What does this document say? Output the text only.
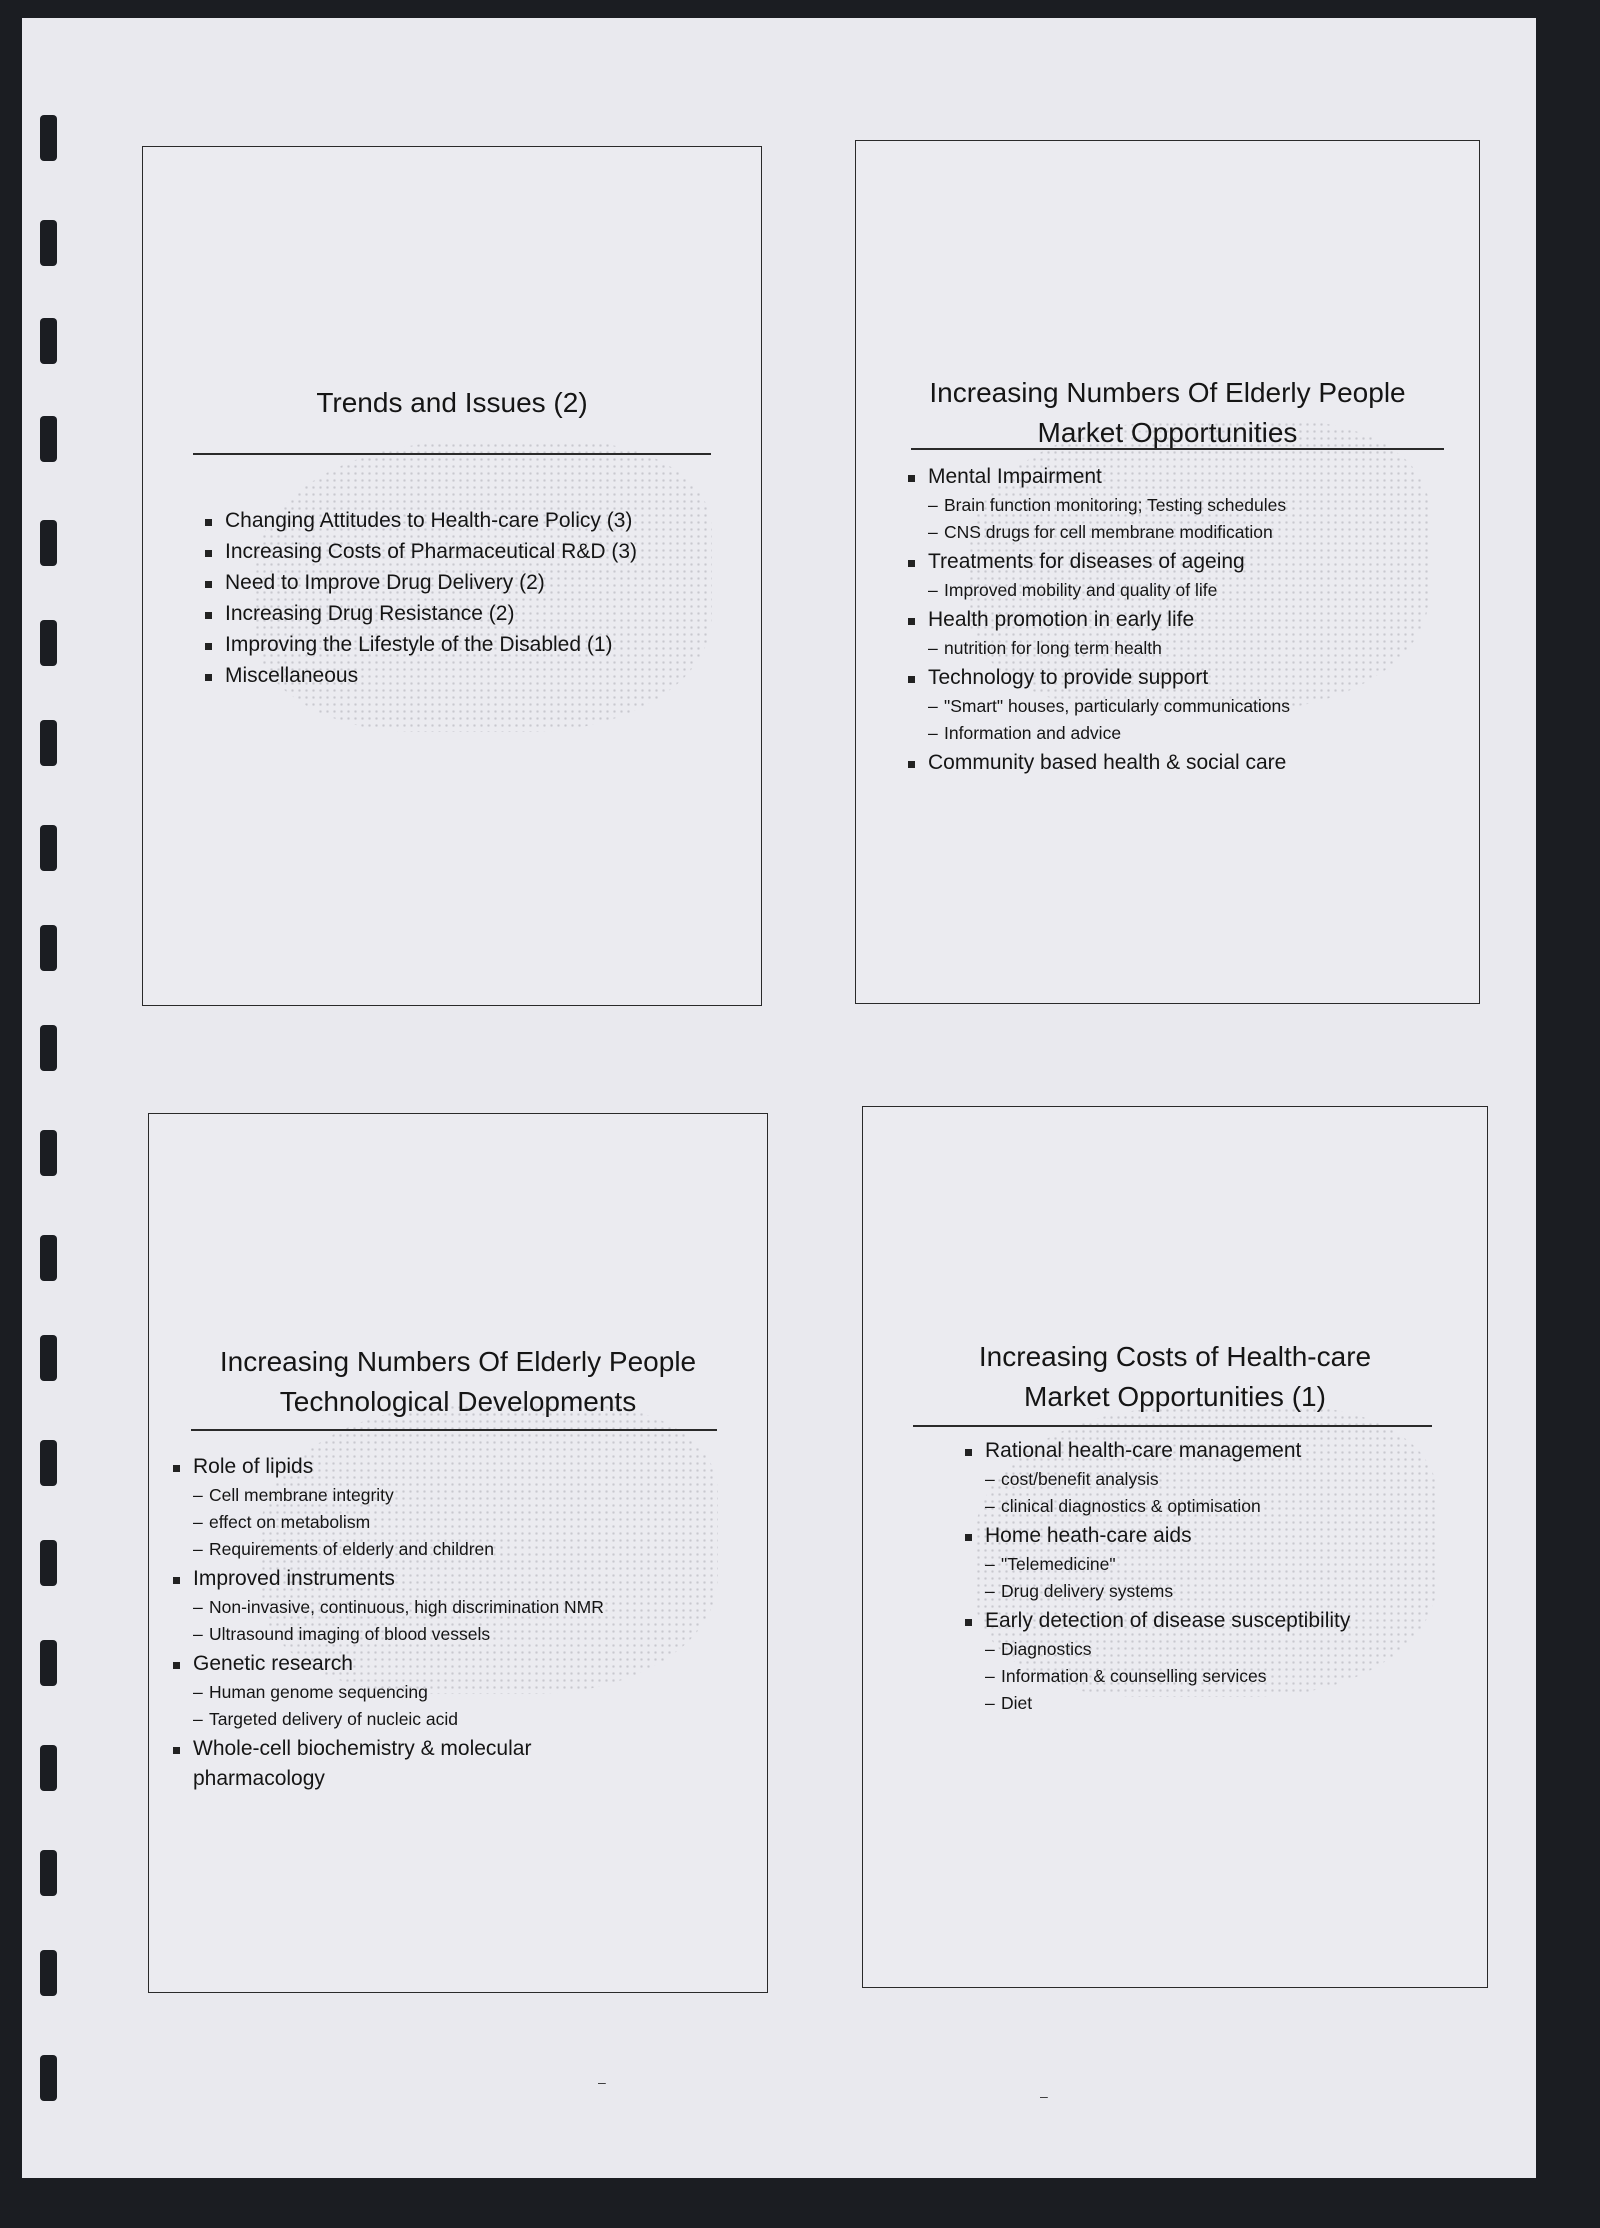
Trends and Issues (2)
Changing Attitudes to Health-care Policy (3)
Increasing Costs of Pharmaceutical R&D (3)
Need to Improve Drug Delivery (2)
Increasing Drug Resistance (2)
Improving the Lifestyle of the Disabled (1)
Miscellaneous
Increasing Numbers Of Elderly People
Market Opportunities
Mental Impairment
– Brain function monitoring; Testing schedules
– CNS drugs for cell membrane modification
Treatments for diseases of ageing
– Improved mobility and quality of life
Health promotion in early life
– nutrition for long term health
Technology to provide support
– "Smart" houses, particularly communications
– Information and advice
Community based health & social care
Increasing Numbers Of Elderly People
Technological Developments
Role of lipids
– Cell membrane integrity
– effect on metabolism
– Requirements of elderly and children
Improved instruments
– Non-invasive, continuous, high discrimination NMR
– Ultrasound imaging of blood vessels
Genetic research
– Human genome sequencing
– Targeted delivery of nucleic acid
Whole-cell biochemistry & molecular
pharmacology
Increasing Costs of Health-care
Market Opportunities (1)
Rational health-care management
– cost/benefit analysis
– clinical diagnostics & optimisation
Home heath-care aids
– "Telemedicine"
– Drug delivery systems
Early detection of disease susceptibility
– Diagnostics
– Information & counselling services
– Diet
–
–
